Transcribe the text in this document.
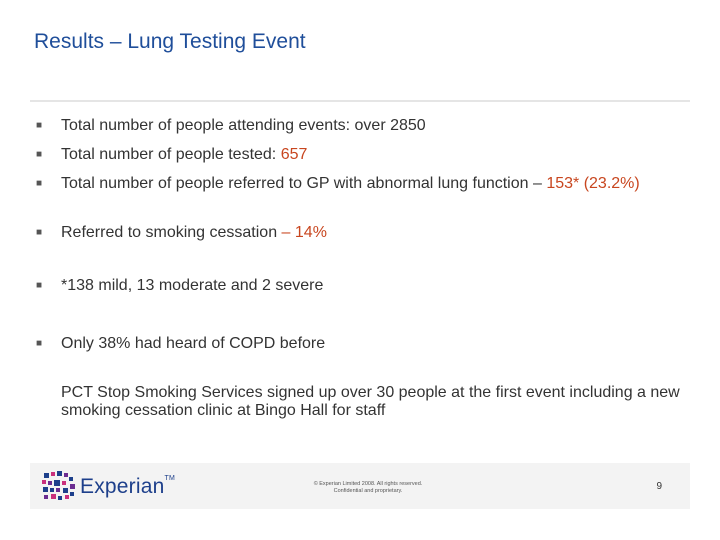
Results – Lung Testing Event
■ Total number of people attending events: over 2850
■ Total number of people tested: 657
■ Total number of people referred to GP with abnormal lung function – 153* (23.2%)
■ Referred to smoking cessation – 14%
■ *138 mild, 13 moderate and 2 severe
■ Only 38% had heard of COPD before
PCT Stop Smoking Services signed up over 30 people at the first event including a new smoking cessation clinic at Bingo Hall for staff
Experian™
© Experian Limited 2008. All rights reserved.
Confidential and proprietary.	9
